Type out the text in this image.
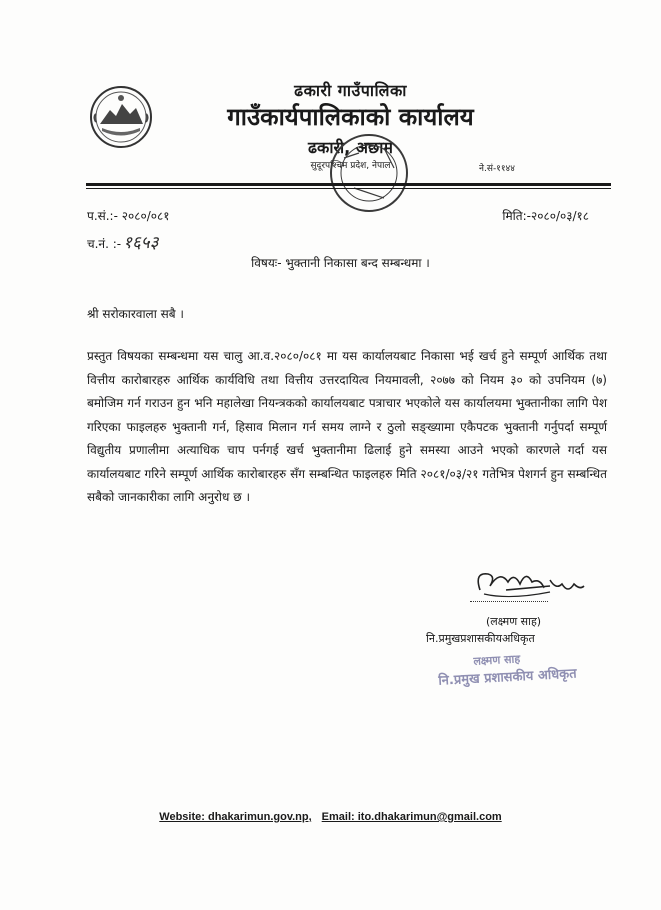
ढकारी गाउँपालिका
गाउँकार्यपालिकाको कार्यालय
ढकारी, अछाम
सुदूरपश्चिम प्रदेश, नेपाल	ने.सं-११४४
प.सं.:- २०८०/०८१
च.नं. :- १६५३
मिति:-२०८०/०३/१८
विषयः- भुक्तानी निकासा बन्द सम्बन्धमा ।
श्री सरोकारवाला सबै ।

प्रस्तुत विषयका सम्बन्धमा यस चालु आ.व.२०८०/०८१ मा यस कार्यालयबाट निकासा भई खर्च हुने सम्पूर्ण आर्थिक तथा वित्तीय कारोबारहरु आर्थिक कार्यविधि तथा वित्तीय उत्तरदायित्व नियमावली, २०७७ को नियम ३० को उपनियम (७) बमोजिम गर्न गराउन हुन भनि महालेखा नियन्त्रकको कार्यालयबाट पत्राचार भएकोले यस कार्यालयमा भुक्तानीका लागि पेश गरिएका फाइलहरु भुक्तानी गर्न, हिसाव मिलान गर्न समय लाग्ने र ठुलो सङ्ख्यामा एकैपटक भुक्तानी गर्नुपर्दा सम्पूर्ण विद्युतीय प्रणालीमा अत्याधिक चाप पर्नगई खर्च भुक्तानीमा ढिलाई हुने समस्या आउने भएको कारणले गर्दा यस कार्यालयबाट गरिने सम्पूर्ण आर्थिक कारोबारहरु सँग सम्बन्धित फाइलहरु मिति २०८१/०३/२१ गतेभित्र पेशगर्न हुन सम्बन्धित सबैको जानकारीका लागि अनुरोध छ ।

(लक्ष्मण साह)
नि.प्रमुखप्रशासकीयअधिकृत
लक्ष्मण साह
नि.प्रमुख प्रशासकीय अधिकृत
Website: dhakarimun.gov.np, Email: ito.dhakarimun@gmail.com
